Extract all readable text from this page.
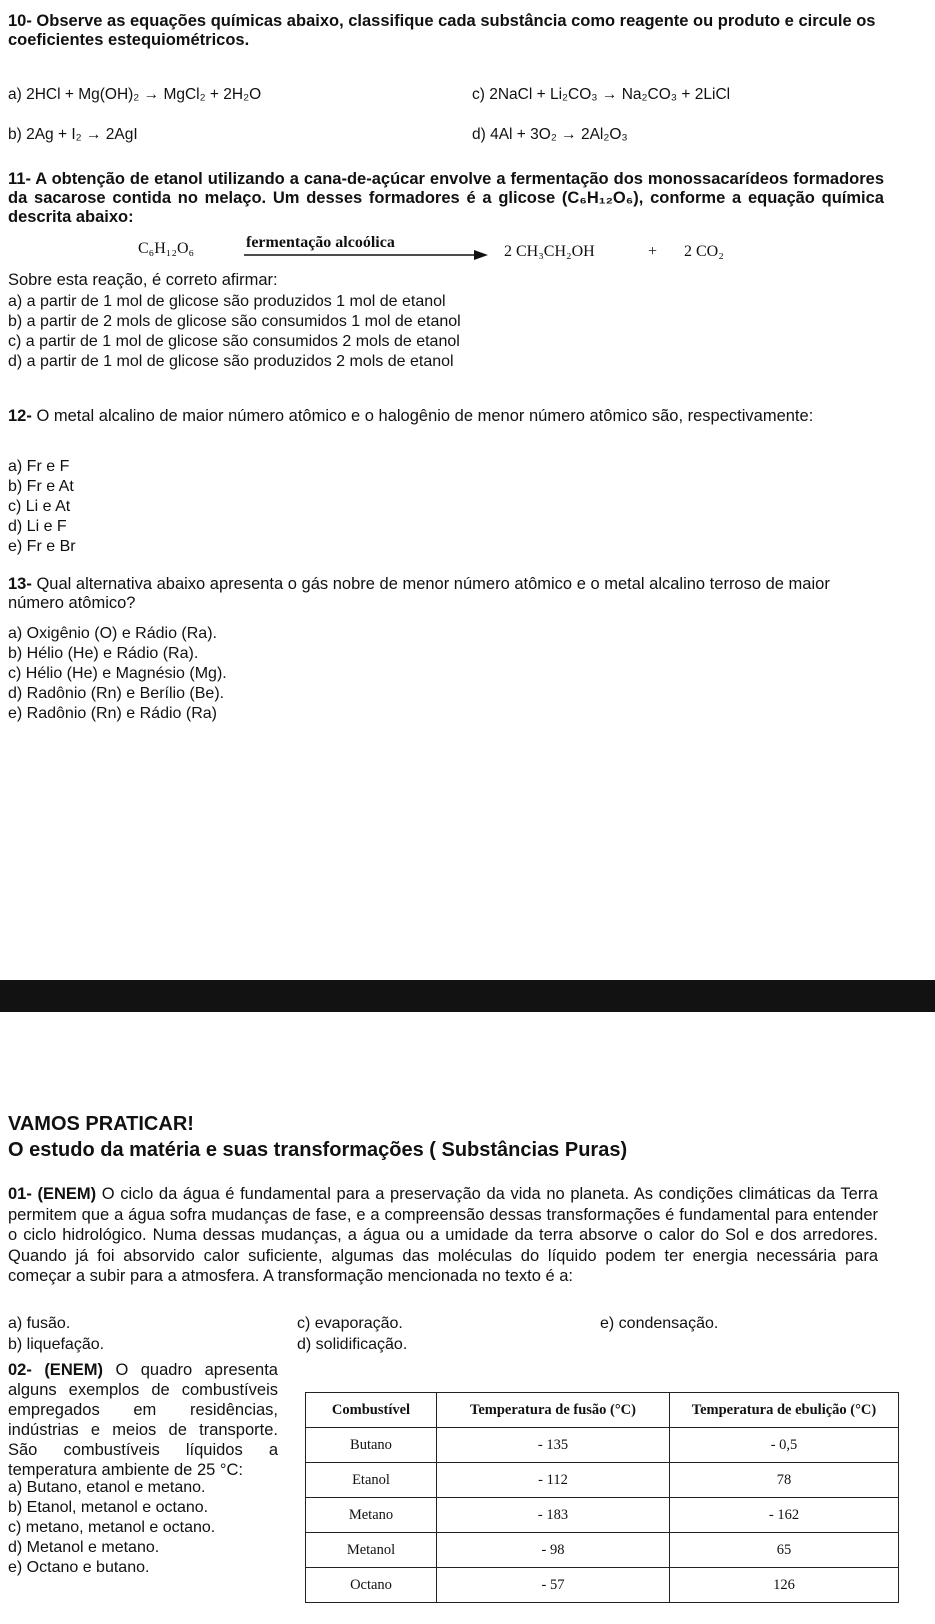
10- Observe as equações químicas abaixo, classifique cada substância como reagente ou produto e circule os coeficientes estequiométricos.
a) 2HCl + Mg(OH)₂ → MgCl₂ + 2H₂O	c) 2NaCl + Li₂CO₃ → Na₂CO₃ + 2LiCl
b) 2Ag + I₂ → 2AgI	d) 4Al + 3O₂ → 2Al₂O₃
11- A obtenção de etanol utilizando a cana-de-açúcar envolve a fermentação dos monossacarídeos formadores da sacarose contida no melaço. Um desses formadores é a glicose (C₆H₁₂O₆), conforme a equação química descrita abaixo:
C₆H₁₂O₆	fermentação alcoólica
2 CH₃CH₂OH	+ 2 CO₂
Sobre esta reação, é correto afirmar:

a) a partir de 1 mol de glicose são produzidos 1 mol de etanol

b) a partir de 2 mols de glicose são consumidos 1 mol de etanol

c) a partir de 1 mol de glicose são consumidos 2 mols de etanol

d) a partir de 1 mol de glicose são produzidos 2 mols de etanol

12- O metal alcalino de maior número atômico e o halogênio de menor número atômico são, respectivamente:

a) Fr e F

b) Fr e At

c) Li e At

d) Li e F

e) Fr e Br

13- Qual alternativa abaixo apresenta o gás nobre de menor número atômico e o metal alcalino terroso de maior número atômico?

a) Oxigênio (O) e Rádio (Ra).

b) Hélio (He) e Rádio (Ra).

c) Hélio (He) e Magnésio (Mg).

d) Radônio (Rn) e Berílio (Be).

e) Radônio (Rn) e Rádio (Ra)

VAMOS PRATICAR!
O estudo da matéria e suas transformações ( Substâncias Puras)
01- (ENEM) O ciclo da água é fundamental para a preservação da vida no planeta. As condições climáticas da Terra permitem que a água sofra mudanças de fase, e a compreensão dessas transformações é fundamental para entender o ciclo hidrológico. Numa dessas mudanças, a água ou a umidade da terra absorve o calor do Sol e dos arredores. Quando já foi absorvido calor suficiente, algumas das moléculas do líquido podem ter energia necessária para começar a subir para a atmosfera. A transformação mencionada no texto é a:
a) fusão.
b) liquefação.
c) evaporação.
d) solidificação.
e) condensação.
02- (ENEM) O quadro apresenta alguns exemplos de combustíveis empregados em residências, indústrias e meios de transporte. São combustíveis líquidos a temperatura ambiente de 25 °C:

a) Butano, etanol e metano.

b) Etanol, metanol e octano.

c) metano, metanol e octano.

d) Metanol e metano.

e) Octano e butano.

Combustível	Temperatura de fusão (°C)	Temperatura de ebulição (°C)
Butano	- 135	- 0,5
Etanol	- 112	78
Metano	- 183	- 162
Metanol	- 98	65
Octano	- 57	126
